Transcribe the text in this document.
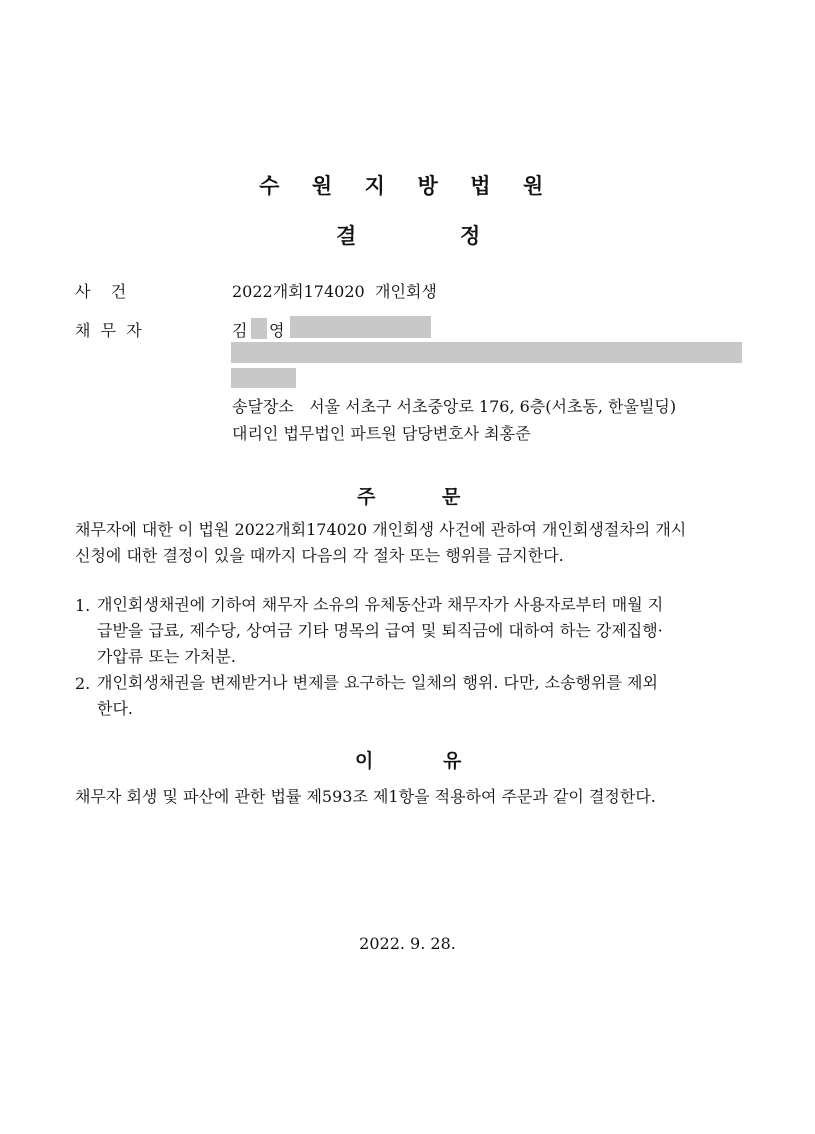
수 원 지 방 법 원
결	정
사    건	2022개회174020 개인회생
채  무  자	김 영
송달장소   서울 서초구 서초중앙로 176, 6층(서초동, 한울빌딩)
대리인 법무법인 파트원 담당변호사 최홍준
주	문
채무자에 대한 이 법원 2022개회174020 개인회생 사건에 관하여 개인회생절차의 개시
신청에 대한 결정이 있을 때까지 다음의 각 절차 또는 행위를 금지한다.
1. 개인회생채권에 기하여 채무자 소유의 유체동산과 채무자가 사용자로부터 매월 지
급받을 급료, 제수당, 상여금 기타 명목의 급여 및 퇴직금에 대하여 하는 강제집행·
가압류 또는 가처분.
2. 개인회생채권을 변제받거나 변제를 요구하는 일체의 행위. 다만, 소송행위를 제외
한다.
이	유
채무자 회생 및 파산에 관한 법률 제593조 제1항을 적용하여 주문과 같이 결정한다.
2022. 9. 28.
